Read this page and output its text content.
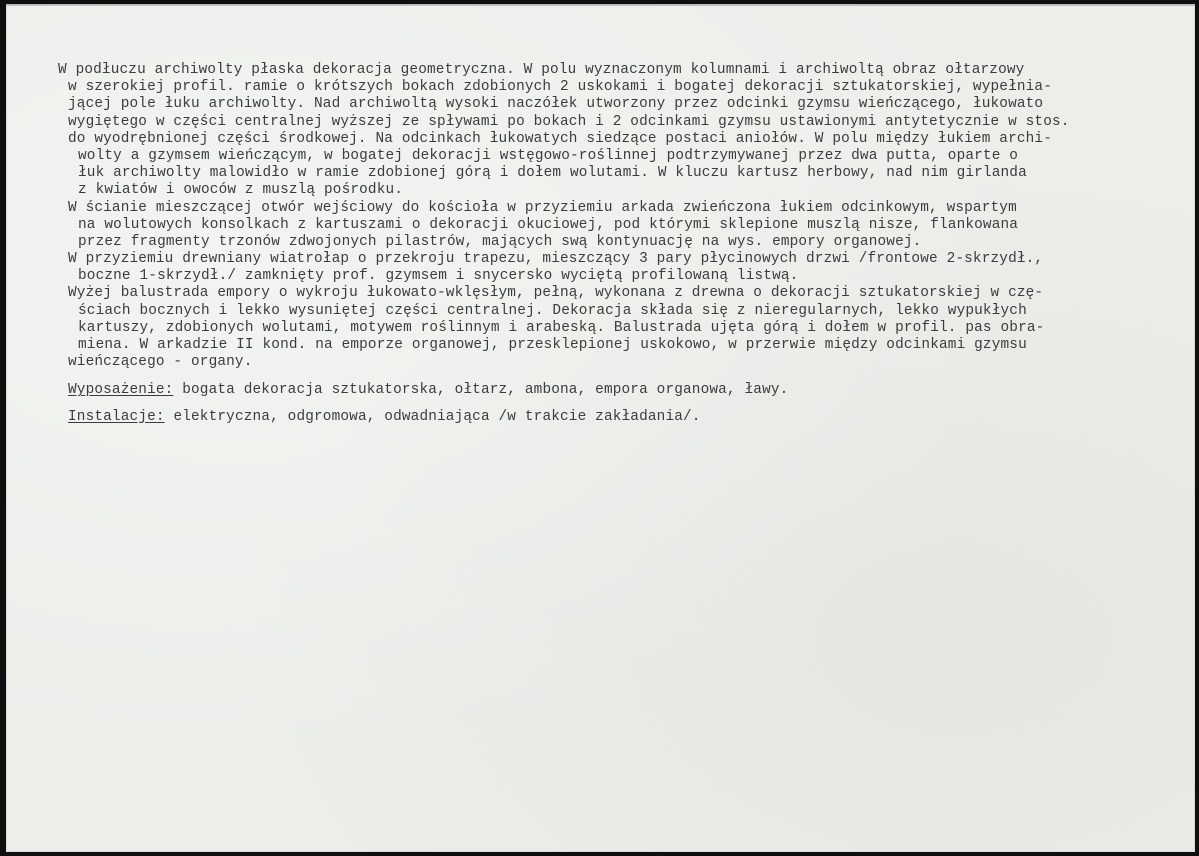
W podłuczu archiwolty płaska dekoracja geometryczna. W polu wyznaczonym kolumnami i archiwoltą obraz ołtarzowy
w szerokiej profil. ramie o krótszych bokach zdobionych 2 uskokami i bogatej dekoracji sztukatorskiej, wypełnia-
jącej pole łuku archiwolty. Nad archiwoltą wysoki naczółek utworzony przez odcinki gzymsu wieńczącego, łukowato
wygiętego w części centralnej wyższej ze spływami po bokach i 2 odcinkami gzymsu ustawionymi antytetycznie w stos.
do wyodrębnionej części środkowej. Na odcinkach łukowatych siedzące postaci aniołów. W polu między łukiem archi-
wolty a gzymsem wieńczącym, w bogatej dekoracji wstęgowo-roślinnej podtrzymywanej przez dwa putta, oparte o
łuk archiwolty malowidło w ramie zdobionej górą i dołem wolutami. W kluczu kartusz herbowy, nad nim girlanda
z kwiatów i owoców z muszlą pośrodku.
W ścianie mieszczącej otwór wejściowy do kościoła w przyziemiu arkada zwieńczona łukiem odcinkowym, wspartym
na wolutowych konsolkach z kartuszami o dekoracji okuciowej, pod którymi sklepione muszlą nisze, flankowana
przez fragmenty trzonów zdwojonych pilastrów, mających swą kontynuację na wys. empory organowej.
W przyziemiu drewniany wiatrołap o przekroju trapezu, mieszczący 3 pary płycinowych drzwi /frontowe 2-skrzydł.,
boczne 1-skrzydł./ zamknięty prof. gzymsem i snycersko wyciętą profilowaną listwą.
Wyżej balustrada empory o wykroju łukowato-wklęsłym, pełną, wykonana z drewna o dekoracji sztukatorskiej w czę-
ściach bocznych i lekko wysuniętej części centralnej. Dekoracja składa się z nieregularnych, lekko wypukłych
kartuszy, zdobionych wolutami, motywem roślinnym i arabeską. Balustrada ujęta górą i dołem w profil. pas obra-
miena. W arkadzie II kond. na emporze organowej, przesklepionej uskokowo, w przerwie między odcinkami gzymsu
wieńczącego - organy.
Wyposażenie: bogata dekoracja sztukatorska, ołtarz, ambona, empora organowa, ławy.
Instalacje: elektryczna, odgromowa, odwadniająca /w trakcie zakładania/.
